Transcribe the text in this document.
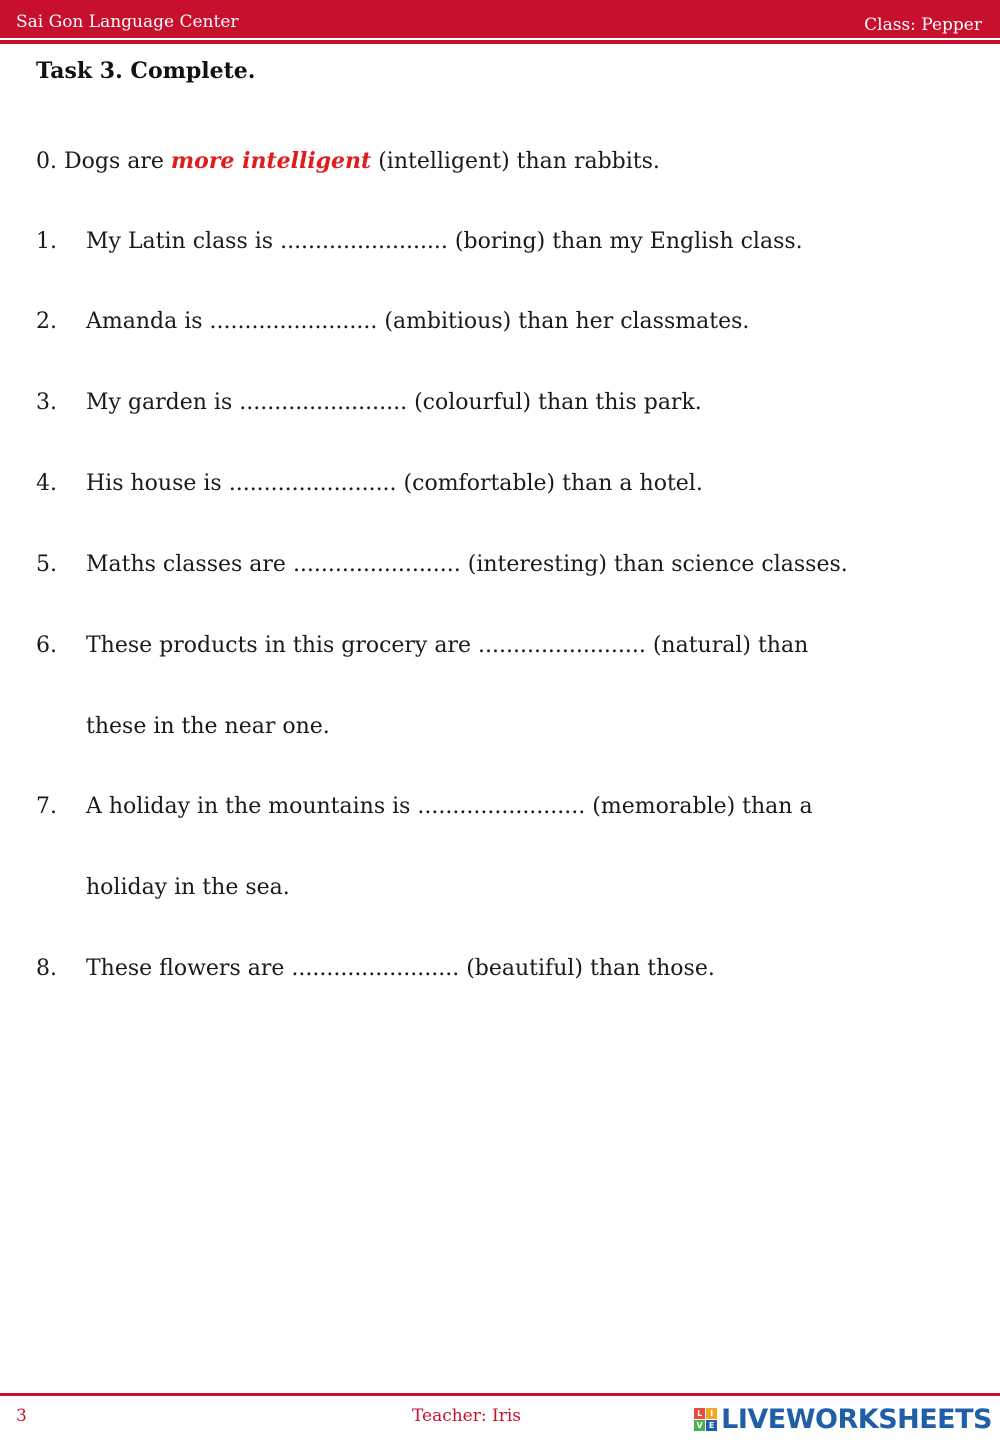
Sai Gon Language Center	Class: Pepper
Task 3. Complete.
0. Dogs are more intelligent (intelligent) than rabbits.
1. My Latin class is ........................ (boring) than my English class.
2. Amanda is ........................ (ambitious) than her classmates.
3. My garden is ........................ (colourful) than this park.
4. His house is ........................ (comfortable) than a hotel.
5. Maths classes are ........................ (interesting) than science classes.
6. These products in this grocery are ........................ (natural) than
these in the near one.
7. A holiday in the mountains is ........................ (memorable) than a
holiday in the sea.
8. These flowers are ........................ (beautiful) than those.
3	Teacher: Iris	L I
V E LIVEWORKSHEETS
